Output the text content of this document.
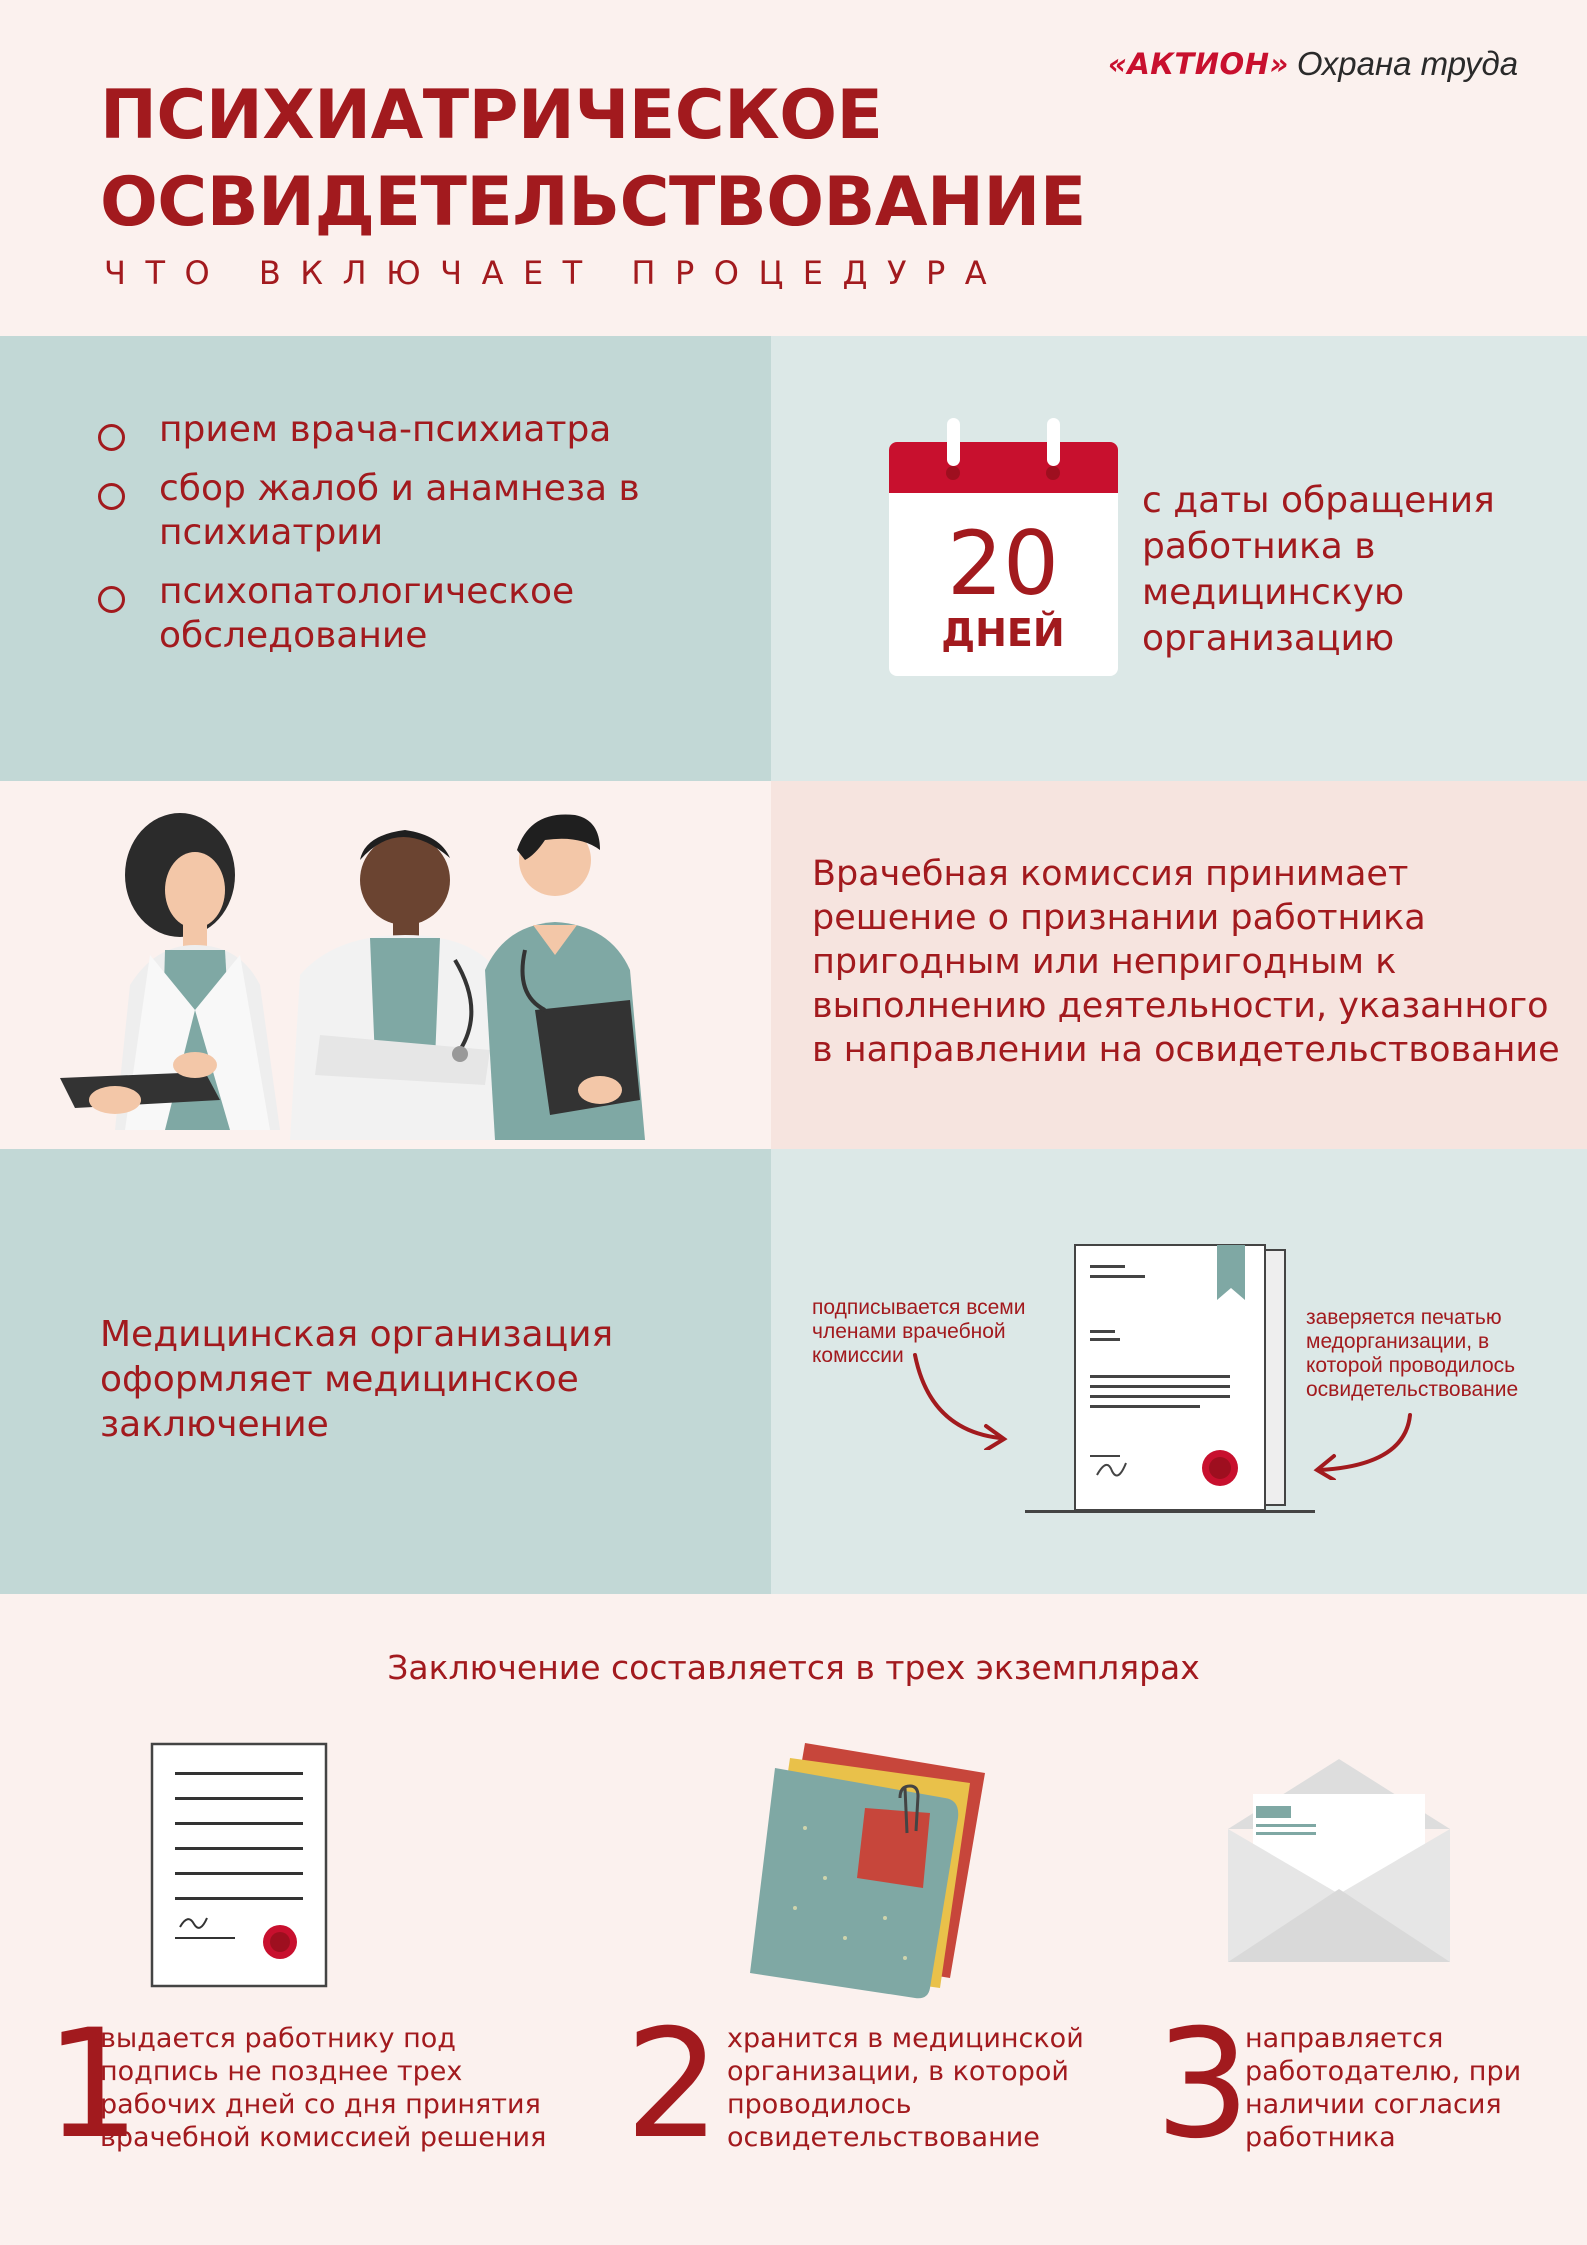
«АКТИОН» Охрана труда
ПСИХИАТРИЧЕСКОЕ
ОСВИДЕТЕЛЬСТВОВАНИЕ
ЧТО ВКЛЮЧАЕТ ПРОЦЕДУРА
прием врача-психиатра
сбор жалоб и анамнеза в психиатрии
психопатологическое обследование
20
ДНЕЙ
с даты обращения работника в медицинскую организацию
Врачебная комиссия принимает решение о признании работника пригодным или непригодным к выполнению деятельности, указанного в направлении на освидетельствование
Медицинская организация оформляет медицинское заключение
подписывается всеми членами врачебной комиссии
заверяется печатью медорганизации, в которой проводилось освидетельствование
Заключение составляется в трех экземплярах
1
выдается работнику под подпись не позднее трех рабочих дней со дня принятия врачебной комиссией решения 2 хранится в медицинской организации, в которой проводилось освидетельствование 3
направляется работодателю, при наличии согласия работника
